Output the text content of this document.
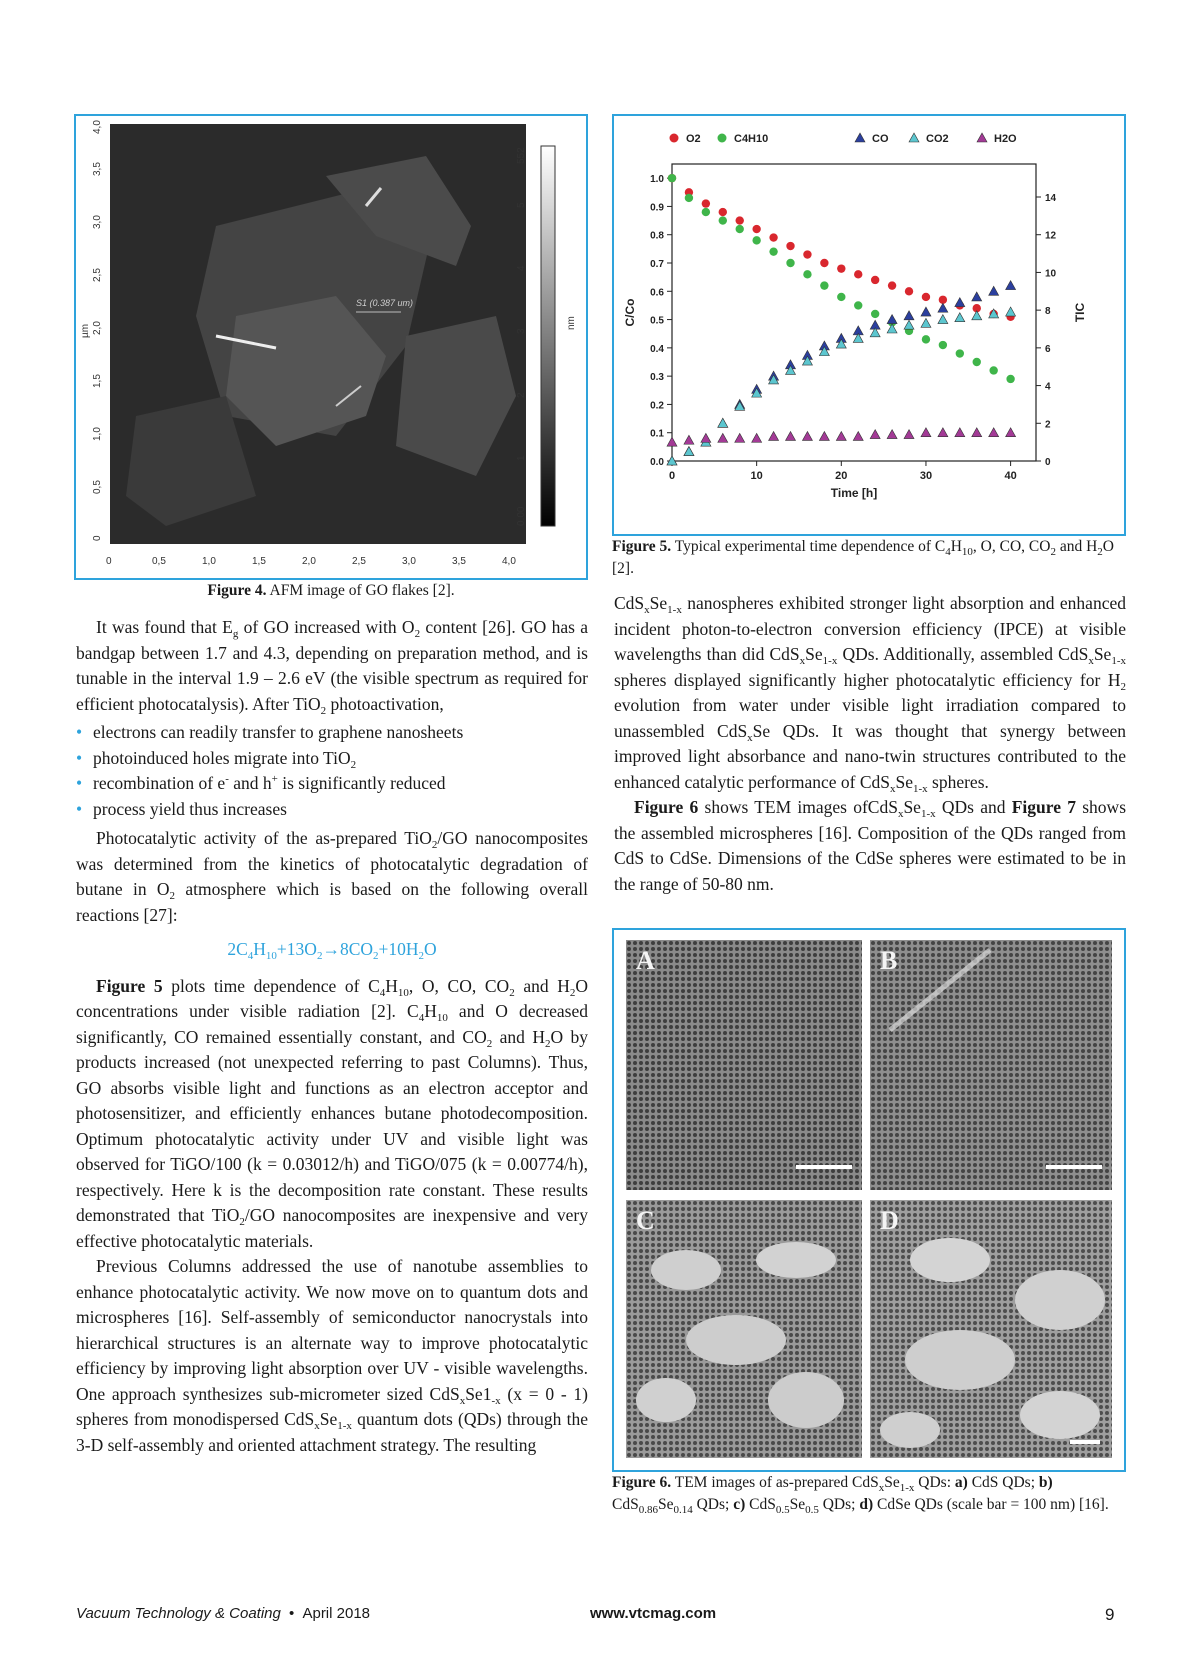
S1 (0.387 um)
552
0.00
nm
1
2
3
4
5
0	0,5	1,0	1,5	2,0	2,5	3,0	3,5	4,0
0
0,5
1,0
1,5
2,0
2,5
3,0
3,5
4,0
µm
Figure 4. AFM image of GO flakes [2].

It was found that $E_g$ of GO increased with $O_2$ content [26]. GO has a bandgap between 1.7 and 4.3, depending on preparation method, and is tunable in the interval 1.9 – 2.6 eV (the visible spectrum as required for efficient photocatalysis). After TiO$_2$ photoactivation,

• electrons can readily transfer to graphene nanosheets
• photoinduced holes migrate into TiO$_2$
• recombination of e- and h+ is significantly reduced
• process yield thus increases

Photocatalytic activity of the as-prepared TiO$_2$/GO nanocomposites was determined from the kinetics of photocatalytic degradation of butane in $O_2$ atmosphere which is based on the following overall reactions [27]:

$2C_4H_{10}+13O_2\to 8CO_2+10H_2O$

Figure 5 plots time dependence of $C_4H_{10}$, O, CO, $CO_2$ and $H_2O$ concentrations under visible radiation [2]. $C_4H_{10}$ and O decreased significantly, CO remained essentially constant, and $CO_2$ and $H_2O$ by products increased (not unexpected referring to past Columns). Thus, GO absorbs visible light and functions as an electron acceptor and photosensitizer, and efficiently enhances butane photodecomposition. Optimum photocatalytic activity under UV and visible light was observed for TiGO/100 (k = 0.03012/h) and TiGO/075 (k = 0.00774/h), respectively. Here k is the decomposition rate constant. These results demonstrated that TiO$_2$/GO nanocomposites are inexpensive and very effective photocatalytic materials.

Previous Columns addressed the use of nanotube assemblies to enhance photocatalytic activity. We now move on to quantum dots and microspheres [16]. Self-assembly of semiconductor nanocrystals into hierarchical structures is an alternate way to improve photocatalytic efficiency by improving light absorption over UV - visible wavelengths. One approach synthesizes sub-micrometer sized $CdS_xSe1_{-x}$ (x = 0 - 1) spheres from monodispersed $CdS_xSe_{1-x}$ quantum dots (QDs) through the 3-D self-assembly and oriented attachment strategy. The resulting

0	10	20	30	40
0.0
0.1
0.2
0.3
0.4
0.5
0.6
0.7
0.8
0.9
1.0
0
2
4
6
8
10
12
14
Time [h]
C/Co	TIC
O2	C4H10	CO	CO2	H2O
Figure 5. Typical experimental time dependence of $C_4H_{10}$, O, CO, $CO_2$ and $H_2O$ [2].

$CdS_xSe_{1-x}$ nanospheres exhibited stronger light absorption and enhanced incident photon-to-electron conversion efficiency (IPCE) at visible wavelengths than did $CdS_xSe_{1-x}$ QDs. Additionally, assembled $CdS_xSe_{1-x}$ spheres displayed significantly higher photocatalytic efficiency for $H_2$ evolution from water under visible light irradiation compared to unassembled CdS$_x$Se QDs. It was thought that synergy between improved light absorbance and nano-twin structures contributed to the enhanced catalytic performance of $CdS_xSe_{1-x}$ spheres.

Figure 6 shows TEM images $ofCdS_xSe_{1-x}$ QDs and Figure 7 shows the assembled microspheres [16]. Composition of the QDs ranged from CdS to CdSe. Dimensions of the CdSe spheres were estimated to be in the range of 50-80 nm.

A	B
C	D
Figure 6. TEM images of as-prepared $CdS_xSe_{1-x}$ QDs: a) CdS QDs; b) $CdS_{0.86}Se_{0.14}$ QDs; c) $CdS_{0.5}Se_{0.5}$ QDs; d) CdSe QDs (scale bar = 100 nm) [16].
Vacuum Technology & Coating • April 2018	www.vtcmag.com	9
